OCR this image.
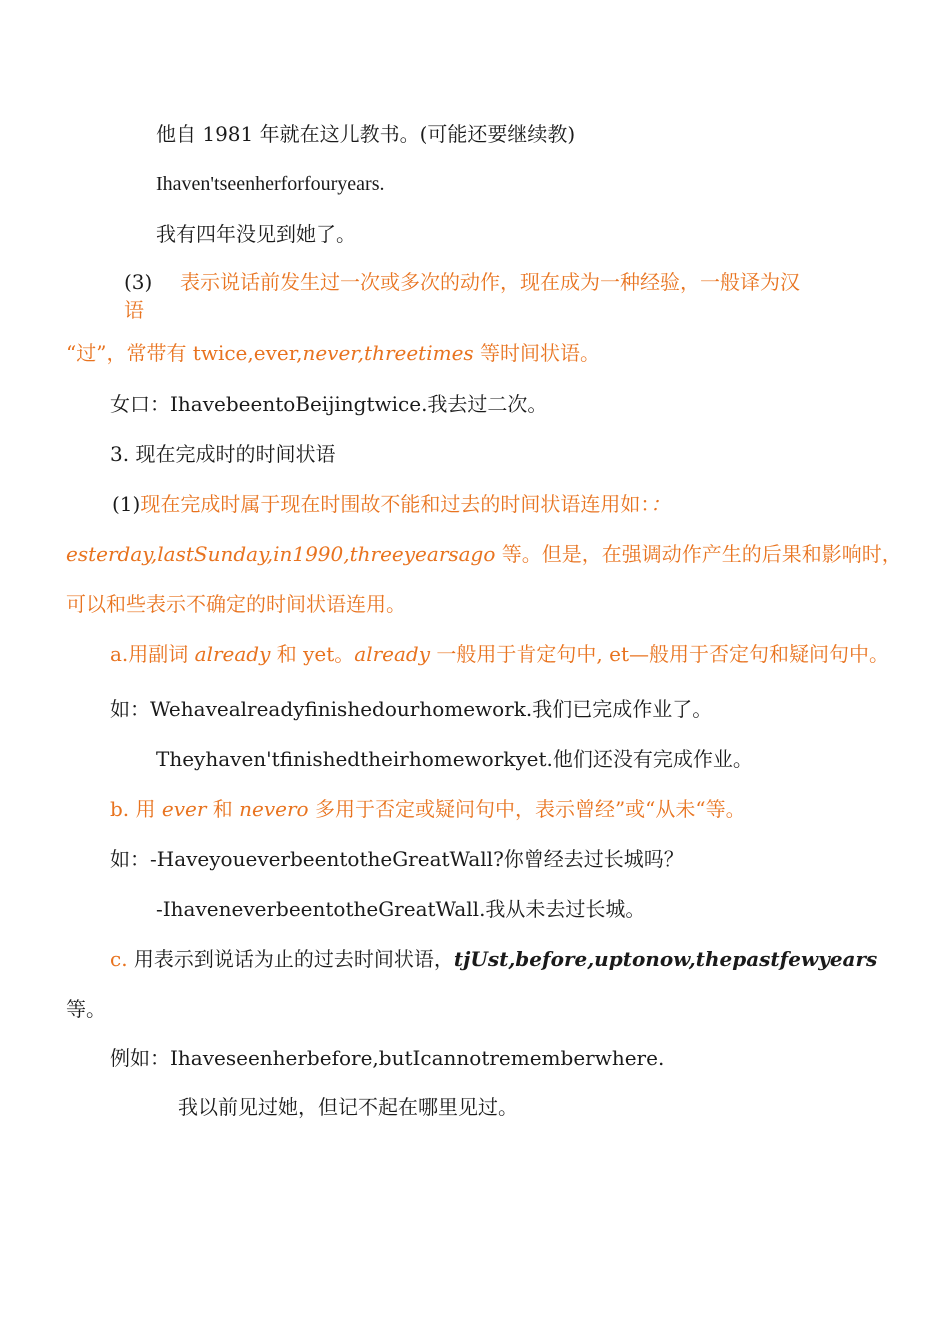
他自 1981 年就在这儿教书。(可能还要继续教)
Ihaven'tseenherforfouryears.
我有四年没见到她了。
(3) 表示说话前发生过一次或多次的动作，现在成为一种经验，一般译为汉
语
“过”，常带有 twice,ever,never,threetimes 等时间状语。
女口：IhavebeentoBeijingtwice.我去过二次。
3. 现在完成时的时间状语
(1)现在完成时属于现在时围故不能和过去的时间状语连用如：：
esterday,lastSunday,in1990,threeyearsago 等。但是，在强调动作产生的后果和影响时，
可以和些表示不确定的时间状语连用。
a.用副词 already 和 yet。already 一般用于肯定句中, et—般用于否定句和疑问句中。
如：Wehavealreadyfinishedourhomework.我们已完成作业了。
Theyhaven'tfinishedtheirhomeworkyet.他们还没有完成作业。
b. 用 ever 和 nevero 多用于否定或疑问句中，表示曾经”或“从未“等。
如：-HaveyoueverbeentotheGreatWall?你曾经去过长城吗？
-IhaveneverbeentotheGreatWall.我从未去过长城。
c. 用表示到说话为止的过去时间状语，tjUst,before,uptonow,thepastfewyears
等。
例如：Ihaveseenherbefore,butIcannotrememberwhere.
我以前见过她，但记不起在哪里见过。
